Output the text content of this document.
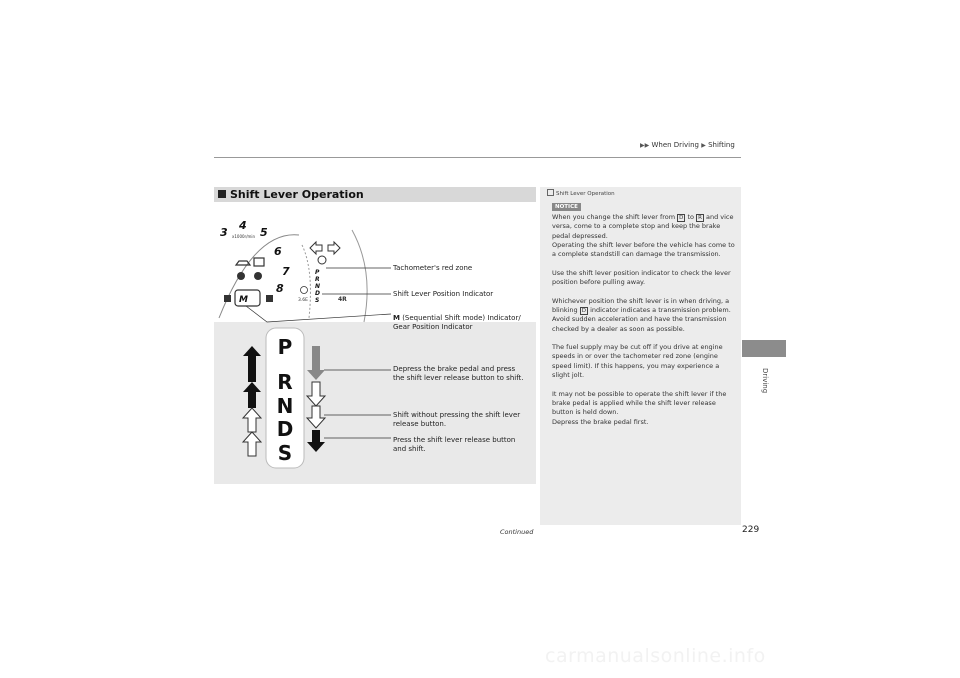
▶▶ When Driving ▶ Shifting
Driving
Shift Lever Operation
3
4
5
6
7
8
x1000r/min
M
P
R
N
D
S
3.6E	4R
P
R
N
D
S
Tachometer's red zone
Shift Lever Position Indicator
M (Sequential Shift mode) Indicator/
Gear Position Indicator
Depress the brake pedal and press
the shift lever release button to shift.
Shift without pressing the shift lever
release button.
Press the shift lever release button
and shift.
Shift Lever Operation
NOTICE

When you change the shift lever from D to R and vice versa, come to a complete stop and keep the brake pedal depressed.
Operating the shift lever before the vehicle has come to a complete standstill can damage the transmission.

Use the shift lever position indicator to check the lever position before pulling away.

Whichever position the shift lever is in when driving, a blinking D indicator indicates a transmission problem.
Avoid sudden acceleration and have the transmission checked by a dealer as soon as possible.

The fuel supply may be cut off if you drive at engine speeds in or over the tachometer red zone (engine speed limit). If this happens, you may experience a slight jolt.

It may not be possible to operate the shift lever if the brake pedal is applied while the shift lever release button is held down.
Depress the brake pedal first.

Continued	229
carmanualsonline.info
